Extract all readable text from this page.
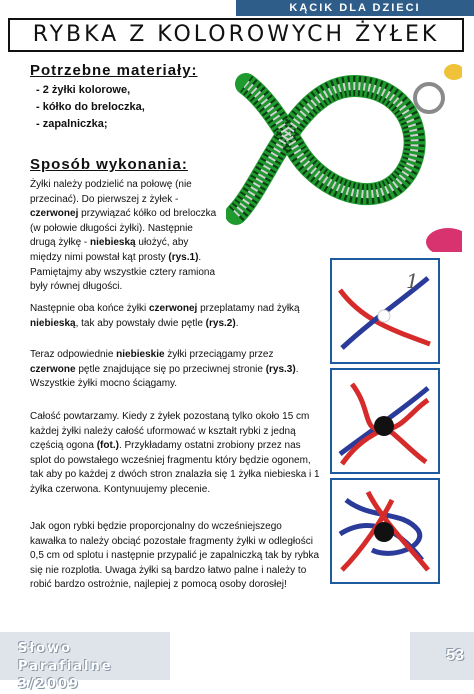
KĄCIK DLA DZIECI
RYBKA Z KOLOROWYCH ŻYŁEK
Potrzebne materiały:
- 2 żyłki kolorowe,
- kółko do breloczka,
- zapalniczka;
Sposób wykonania:

Żyłki należy podzielić na połowę (nie przecinać). Do pierwszej z żyłek - czerwonej przywiązać kółko od breloczka (w połowie długości żyłki). Następnie drugą żyłkę - niebieską ułożyć, aby między nimi powstał kąt prosty (rys.1). Pamiętajmy aby wszystkie cztery ramiona były równej długości.

Następnie oba końce żyłki czerwonej przeplatamy nad żyłką niebieską, tak aby powstały dwie pętle (rys.2).

Teraz odpowiednie niebieskie żyłki przeciągamy przez czerwone pętle znajdujące się po przeciwnej stronie (rys.3). Wszystkie żyłki mocno ściągamy.

Całość powtarzamy. Kiedy z żyłek pozostaną tylko około 15 cm każdej żyłki należy całość uformować w kształt rybki z jedną częścią ogona (fot.). Przykładamy ostatni zrobiony przez nas splot do powstałego wcześniej fragmentu który będzie ogonem, tak aby po każdej z dwóch stron znalazła się 1 żyłka niebieska i 1 żyłka czerwona. Kontynuujemy plecenie.

Jak ogon rybki będzie proporcjonalny do wcześniejszego kawałka to należy obciąć pozostałe fragmenty żyłki w odległości 0,5 cm od splotu i następnie przypalić je zapalniczką tak by rybka się nie rozplotła. Uwaga żyłki są bardzo łatwo palne i należy to robić bardzo ostrożnie, najlepiej z pomocą osoby dorosłej!

1
2
3
Słowo Parafialne
3/2009
53
